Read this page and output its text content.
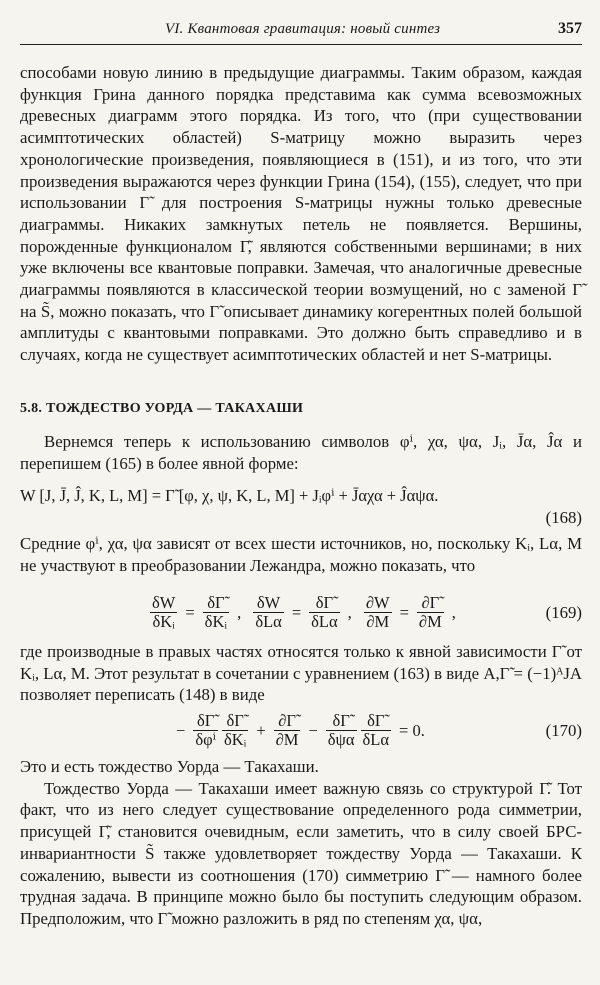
VI. Квантовая гравитация: новый синтез	357

способами новую линию в предыдущие диаграммы. Таким образом, каждая функция Грина данного порядка представима как сумма всевозможных древесных диаграмм этого порядка. Из того, что (при существовании асимптотических областей) S-матрицу можно выразить через хронологические произведения, появляющиеся в (151), и из того, что эти произведения выражаются через функции Грина (154), (155), следует, что при использовании Γ̃ для построения S-матрицы нужны только древесные диаграммы. Никаких замкнутых петель не появляется. Вершины, порожденные функционалом Γ̃, являются собственными вершинами; в них уже включены все квантовые поправки. Замечая, что аналогичные древесные диаграммы появляются в классической теории возмущений, но с заменой Γ̃ на S̃, можно показать, что Γ̃ описывает динамику когерентных полей большой амплитуды с квантовыми поправками. Это должно быть справедливо и в случаях, когда не существует асимптотических областей и нет S-матрицы.

5.8. ТОЖДЕСТВО УОРДА — ТАКАХАШИ

Вернемся теперь к использованию символов φⁱ, χα, ψα, Jᵢ, J̄α, Ĵα и перепишем (165) в более явной форме:

W [J, J̄, Ĵ, K, L, M] = Γ̃ [φ, χ, ψ, K, L, M] + Jᵢφⁱ + J̄αχα + Ĵαψα.
(168)

Средние φⁱ, χα, ψα зависят от всех шести источников, но, поскольку Kᵢ, Lα, M не участвуют в преобразовании Лежандра, можно показать, что

$\frac{\delta W}{\text{δKᵢ}} = \frac{\delta\Gammã}{\text{δKᵢ}}$ , $\frac{\delta W}{\text{δLα}} = \frac{\delta\Gammã}{\text{δLα}}$ , $\frac{\partial W}{\partial M} = \frac{\partial\Gammã}{\partial M}$ ,	(169)

где производные в правых частях относятся только к явной зависимости Γ̃ от Kᵢ, Lα, M. Этот результат в сочетании с уравнением (163) в виде A,Γ̃ = (−1)ᴬJA позволяет переписать (148) в виде

− $\frac{\delta\Gammã}{\text{δφⁱ}} \frac{\delta\Gammã}{\text{δKᵢ}} + \frac{\partial\Gammã}{\partial M} - \frac{\delta\Gammã}{\text{δψα}} \frac{\delta\Gammã}{\text{δLα}} = 0$.	(170)

Это и есть тождество Уорда — Такахаши.

Тождество Уорда — Такахаши имеет важную связь со структурой Γ̃. Тот факт, что из него следует существование определенного рода симметрии, присущей Γ̃, становится очевидным, если заметить, что в силу своей БРС-инвариантности S̃ также удовлетворяет тождеству Уорда — Такахаши. К сожалению, вывести из соотношения (170) симметрию Γ̃ — намного более трудная задача. В принципе можно было бы поступить следующим образом. Предположим, что Γ̃ можно разложить в ряд по степеням χα, ψα,
